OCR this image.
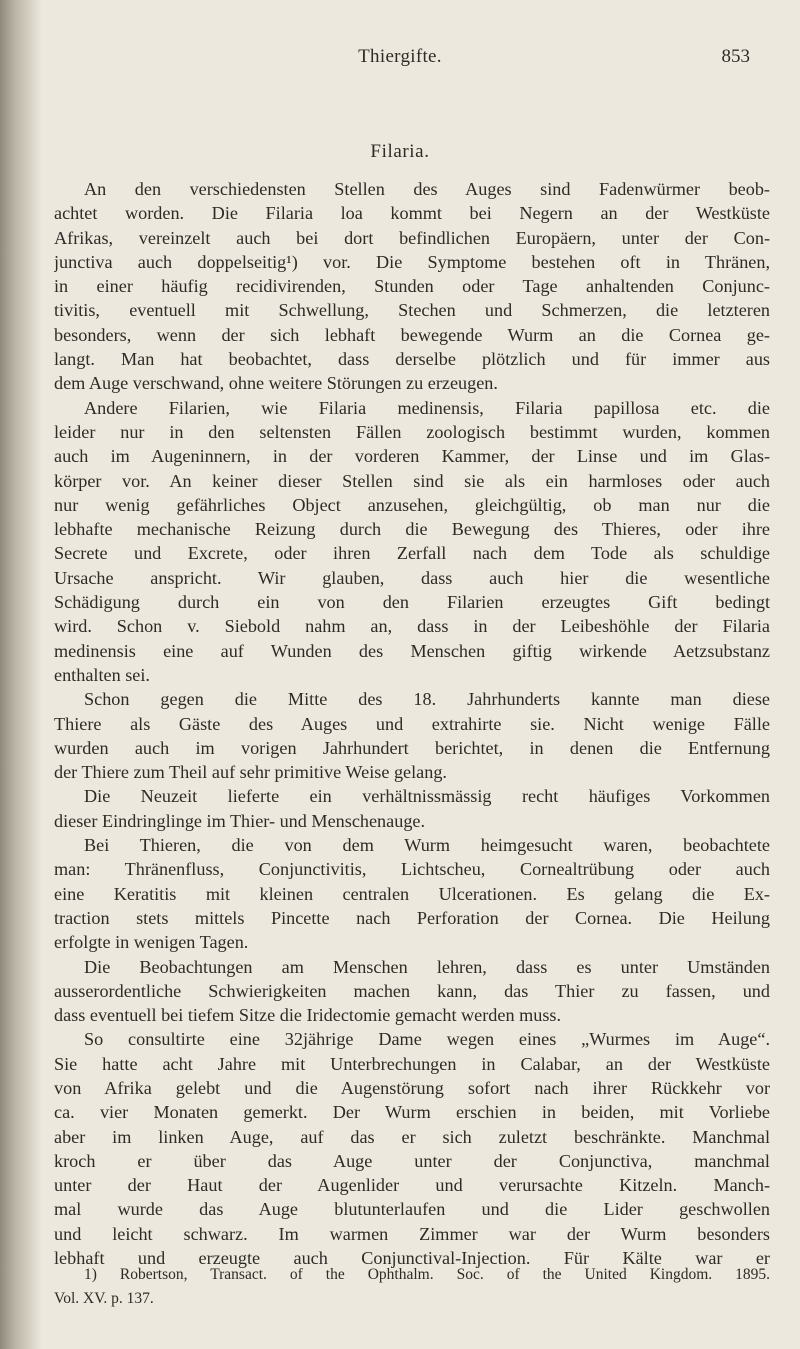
Thiergifte.	853
Filaria.
An den verschiedensten Stellen des Auges sind Fadenwürmer beob-
achtet worden. Die Filaria loa kommt bei Negern an der Westküste
Afrikas, vereinzelt auch bei dort befindlichen Europäern, unter der Con-
junctiva auch doppelseitig¹) vor. Die Symptome bestehen oft in Thränen,
in einer häufig recidivirenden, Stunden oder Tage anhaltenden Conjunc-
tivitis, eventuell mit Schwellung, Stechen und Schmerzen, die letzteren
besonders, wenn der sich lebhaft bewegende Wurm an die Cornea ge-
langt. Man hat beobachtet, dass derselbe plötzlich und für immer aus
dem Auge verschwand, ohne weitere Störungen zu erzeugen.
Andere Filarien, wie Filaria medinensis, Filaria papillosa etc. die
leider nur in den seltensten Fällen zoologisch bestimmt wurden, kommen
auch im Augeninnern, in der vorderen Kammer, der Linse und im Glas-
körper vor. An keiner dieser Stellen sind sie als ein harmloses oder auch
nur wenig gefährliches Object anzusehen, gleichgültig, ob man nur die
lebhafte mechanische Reizung durch die Bewegung des Thieres, oder ihre
Secrete und Excrete, oder ihren Zerfall nach dem Tode als schuldige
Ursache anspricht. Wir glauben, dass auch hier die wesentliche
Schädigung durch ein von den Filarien erzeugtes Gift bedingt
wird. Schon v. Siebold nahm an, dass in der Leibeshöhle der Filaria
medinensis eine auf Wunden des Menschen giftig wirkende Aetzsubstanz
enthalten sei.
Schon gegen die Mitte des 18. Jahrhunderts kannte man diese
Thiere als Gäste des Auges und extrahirte sie. Nicht wenige Fälle
wurden auch im vorigen Jahrhundert berichtet, in denen die Entfernung
der Thiere zum Theil auf sehr primitive Weise gelang.
Die Neuzeit lieferte ein verhältnissmässig recht häufiges Vorkommen
dieser Eindringlinge im Thier- und Menschenauge.
Bei Thieren, die von dem Wurm heimgesucht waren, beobachtete
man: Thränenfluss, Conjunctivitis, Lichtscheu, Cornealtrübung oder auch
eine Keratitis mit kleinen centralen Ulcerationen. Es gelang die Ex-
traction stets mittels Pincette nach Perforation der Cornea. Die Heilung
erfolgte in wenigen Tagen.
Die Beobachtungen am Menschen lehren, dass es unter Umständen
ausserordentliche Schwierigkeiten machen kann, das Thier zu fassen, und
dass eventuell bei tiefem Sitze die Iridectomie gemacht werden muss.
So consultirte eine 32jährige Dame wegen eines „Wurmes im Auge“.
Sie hatte acht Jahre mit Unterbrechungen in Calabar, an der Westküste
von Afrika gelebt und die Augenstörung sofort nach ihrer Rückkehr vor
ca. vier Monaten gemerkt. Der Wurm erschien in beiden, mit Vorliebe
aber im linken Auge, auf das er sich zuletzt beschränkte. Manchmal
kroch er über das Auge unter der Conjunctiva, manchmal
unter der Haut der Augenlider und verursachte Kitzeln. Manch-
mal wurde das Auge blutunterlaufen und die Lider geschwollen
und leicht schwarz. Im warmen Zimmer war der Wurm besonders
lebhaft und erzeugte auch Conjunctival-Injection. Für Kälte war er
1) Robertson, Transact. of the Ophthalm. Soc. of the United Kingdom. 1895.
Vol. XV. p. 137.
